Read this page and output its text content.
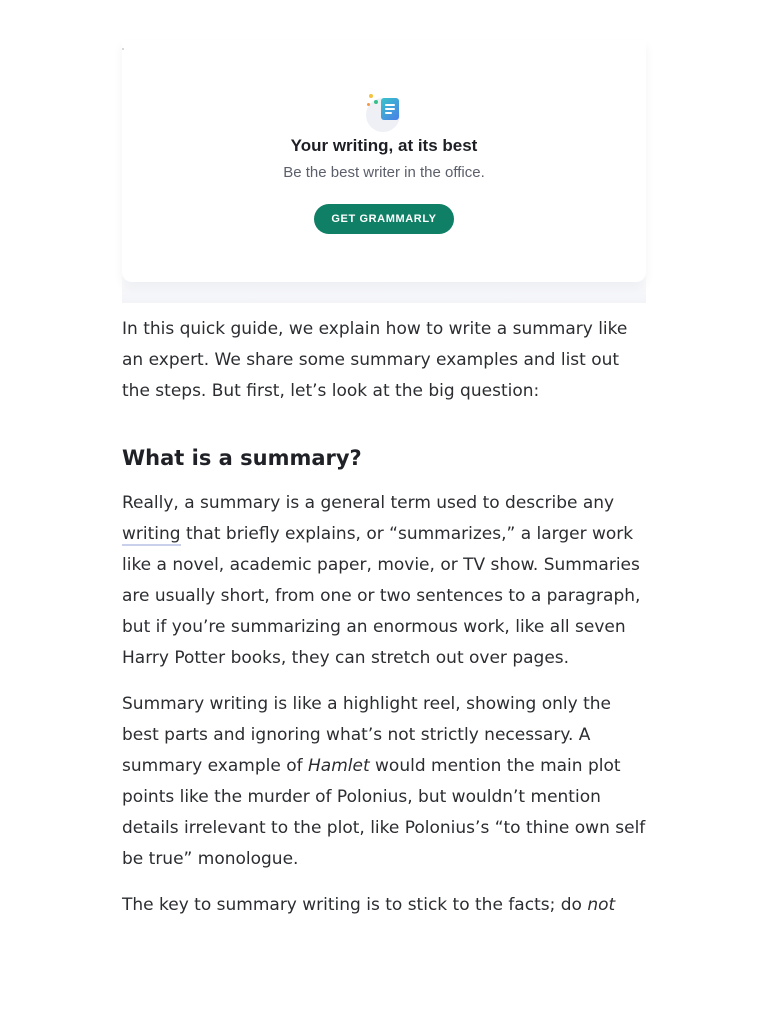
Your writing, at its best

Be the best writer in the office.

GET GRAMMARLY

In this quick guide, we explain how to write a summary like an expert. We share some summary examples and list out the steps. But first, let’s look at the big question:

What is a summary?

Really, a summary is a general term used to describe any writing that briefly explains, or “summarizes,” a larger work like a novel, academic paper, movie, or TV show. Summaries are usually short, from one or two sentences to a paragraph, but if you’re summarizing an enormous work, like all seven Harry Potter books, they can stretch out over pages.

Summary writing is like a highlight reel, showing only the best parts and ignoring what’s not strictly necessary. A summary example of Hamlet would mention the main plot points like the murder of Polonius, but wouldn’t mention details irrelevant to the plot, like Polonius’s “to thine own self be true” monologue.

The key to summary writing is to stick to the facts; do not
